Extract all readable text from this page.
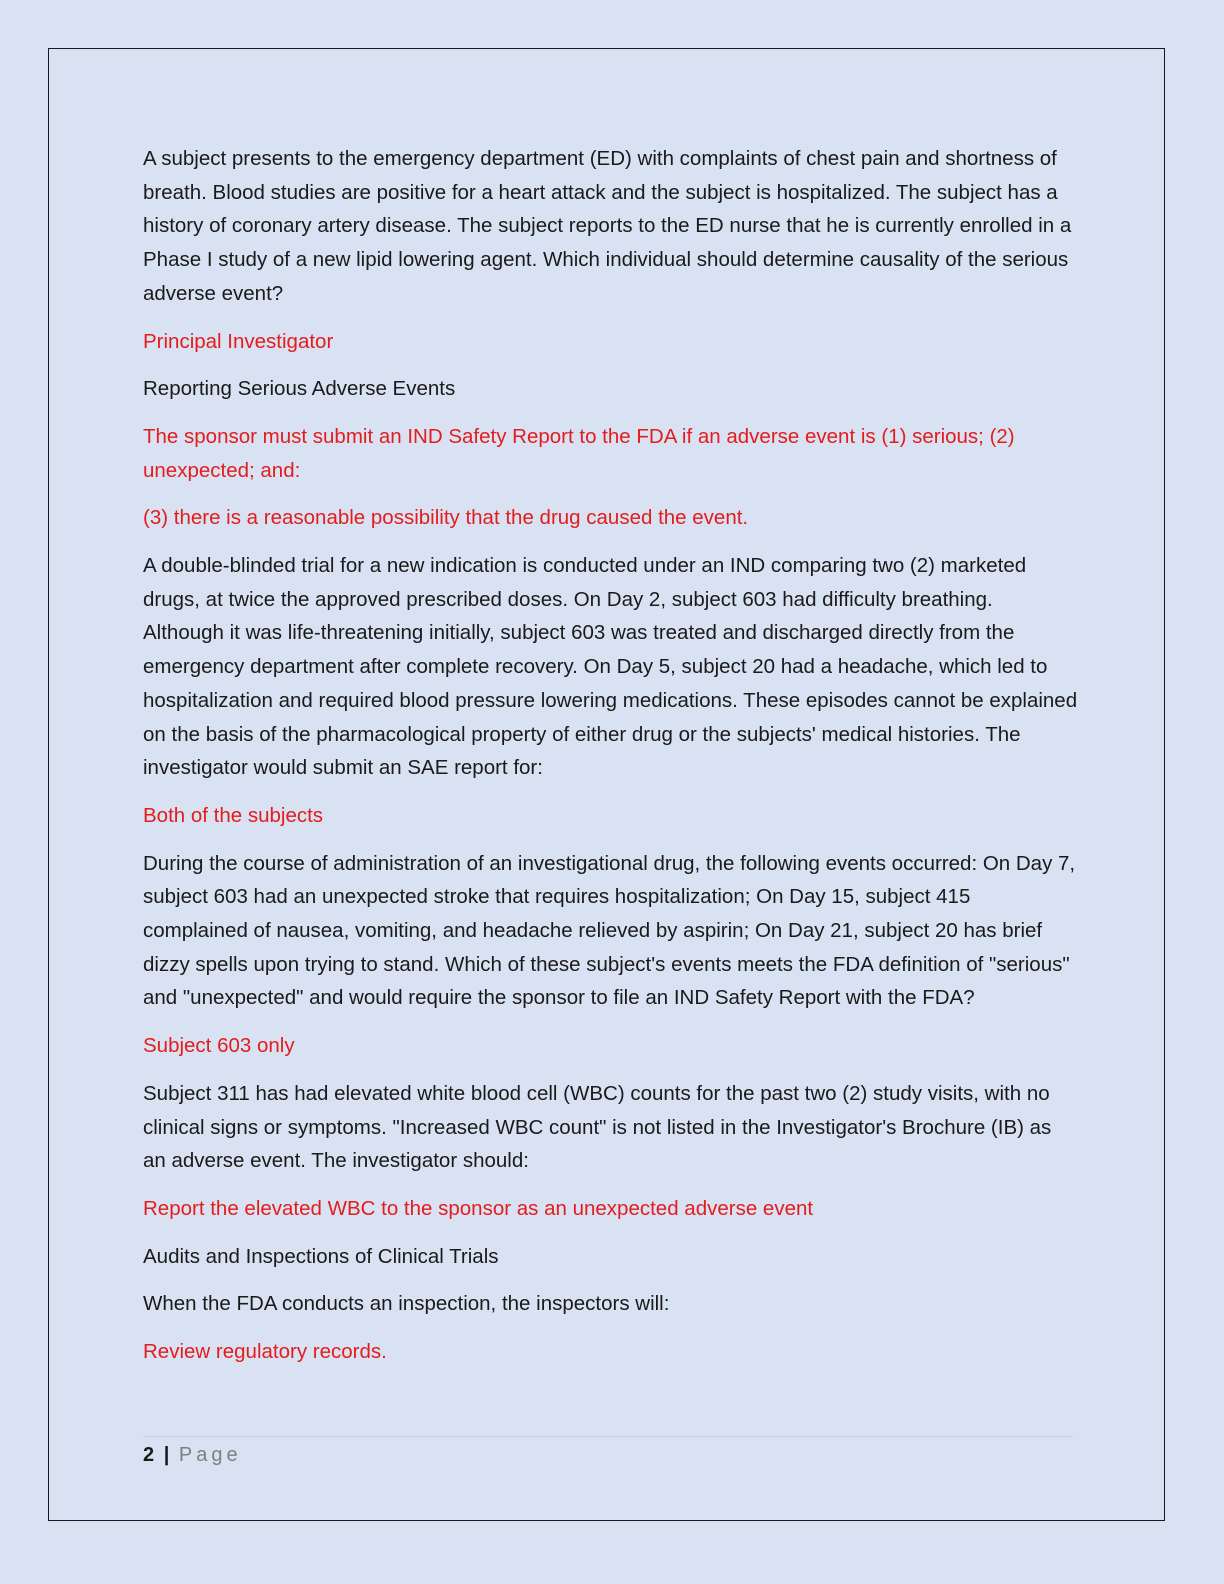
A subject presents to the emergency department (ED) with complaints of chest pain and shortness of breath. Blood studies are positive for a heart attack and the subject is hospitalized. The subject has a history of coronary artery disease. The subject reports to the ED nurse that he is currently enrolled in a Phase I study of a new lipid lowering agent. Which individual should determine causality of the serious adverse event?

Principal Investigator

Reporting Serious Adverse Events

The sponsor must submit an IND Safety Report to the FDA if an adverse event is (1) serious; (2) unexpected; and:

(3) there is a reasonable possibility that the drug caused the event.

A double-blinded trial for a new indication is conducted under an IND comparing two (2) marketed drugs, at twice the approved prescribed doses. On Day 2, subject 603 had difficulty breathing. Although it was life-threatening initially, subject 603 was treated and discharged directly from the emergency department after complete recovery. On Day 5, subject 20 had a headache, which led to hospitalization and required blood pressure lowering medications. These episodes cannot be explained on the basis of the pharmacological property of either drug or the subjects' medical histories. The investigator would submit an SAE report for:

Both of the subjects

During the course of administration of an investigational drug, the following events occurred: On Day 7, subject 603 had an unexpected stroke that requires hospitalization; On Day 15, subject 415 complained of nausea, vomiting, and headache relieved by aspirin; On Day 21, subject 20 has brief dizzy spells upon trying to stand. Which of these subject's events meets the FDA definition of "serious" and "unexpected" and would require the sponsor to file an IND Safety Report with the FDA?

Subject 603 only

Subject 311 has had elevated white blood cell (WBC) counts for the past two (2) study visits, with no clinical signs or symptoms. "Increased WBC count" is not listed in the Investigator's Brochure (IB) as an adverse event. The investigator should:

Report the elevated WBC to the sponsor as an unexpected adverse event

Audits and Inspections of Clinical Trials

When the FDA conducts an inspection, the inspectors will:

Review regulatory records.

2 | Page
